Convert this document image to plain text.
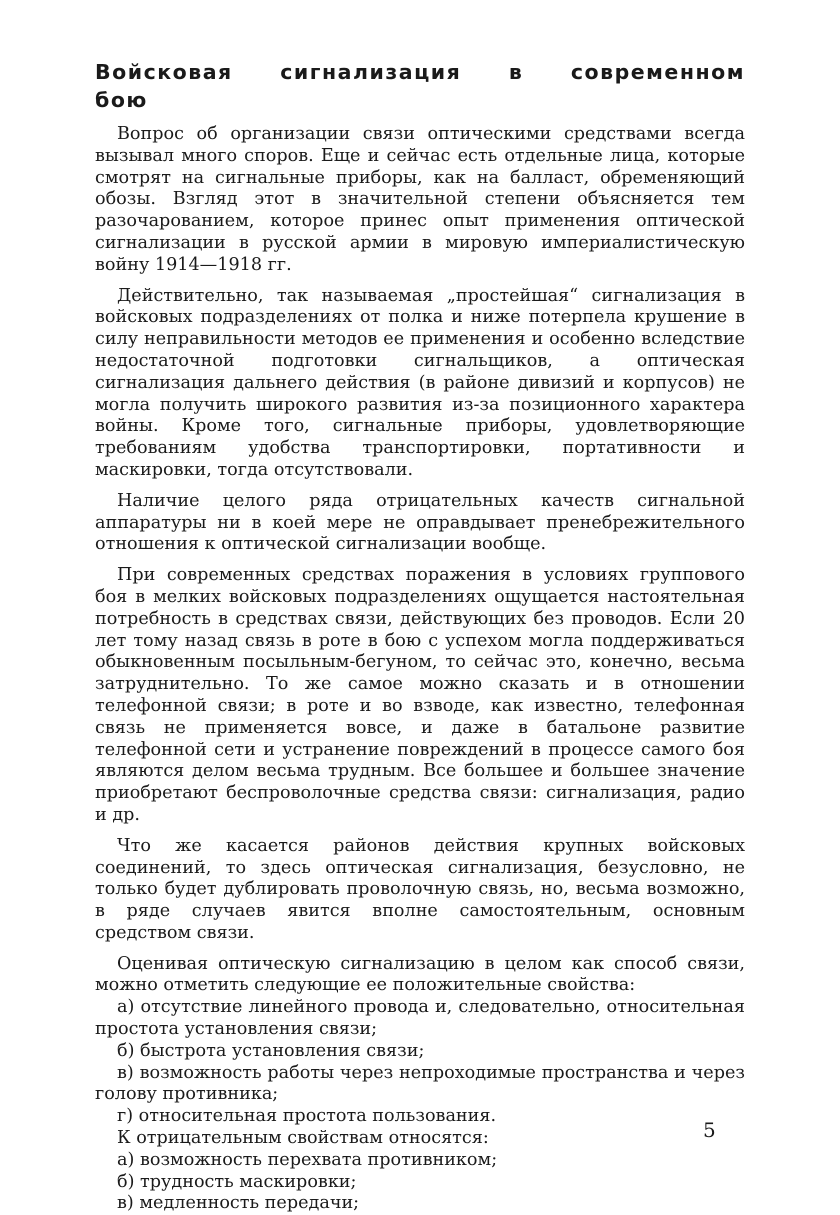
Войсковая сигнализация в современном бою

Вопрос об организации связи оптическими средствами всегда вызывал много споров. Еще и сейчас есть отдельные лица, которые смотрят на сигнальные приборы, как на балласт, обременяющий обозы. Взгляд этот в значительной степени объясняется тем разочарованием, которое принес опыт применения оптической сигнализации в русской армии в мировую империалистическую войну 1914—1918 гг.

Действительно, так называемая „простейшая“ сигнализация в войсковых подразделениях от полка и ниже потерпела крушение в силу неправильности методов ее применения и особенно вследствие недостаточной подготовки сигнальщиков, а оптическая сигнализация дальнего действия (в районе дивизий и корпусов) не могла получить широкого развития из-за позиционного характера войны. Кроме того, сигнальные приборы, удовлетворяющие требованиям удобства транспортировки, портативности и маскировки, тогда отсутствовали.

Наличие целого ряда отрицательных качеств сигнальной аппаратуры ни в коей мере не оправдывает пренебрежительного отношения к оптической сигнализации вообще.

При современных средствах поражения в условиях группового боя в мелких войсковых подразделениях ощущается настоятельная потребность в средствах связи, действующих без проводов. Если 20 лет тому назад связь в роте в бою с успехом могла поддерживаться обыкновенным посыльным-бегуном, то сейчас это, конечно, весьма затруднительно. То же самое можно сказать и в отношении телефонной связи; в роте и во взводе, как известно, телефонная связь не применяется вовсе, и даже в батальоне развитие телефонной сети и устранение повреждений в процессе самого боя являются делом весьма трудным. Все большее и большее значение приобретают беспроволочные средства связи: сигнализация, радио и др.

Что же касается районов действия крупных войсковых соединений, то здесь оптическая сигнализация, безусловно, не только будет дублировать проволочную связь, но, весьма возможно, в ряде случаев явится вполне самостоятельным, основным средством связи.

Оценивая оптическую сигнализацию в целом как способ связи, можно отметить следующие ее положительные свойства:

а) отсутствие линейного провода и, следовательно, относительная простота установления связи;

б) быстрота установления связи;

в) возможность работы через непроходимые пространства и через голову противника;

г) относительная простота пользования.

К отрицательным свойствам относятся:

а) возможность перехвата противником;

б) трудность маскировки;

в) медленность передачи;

5
